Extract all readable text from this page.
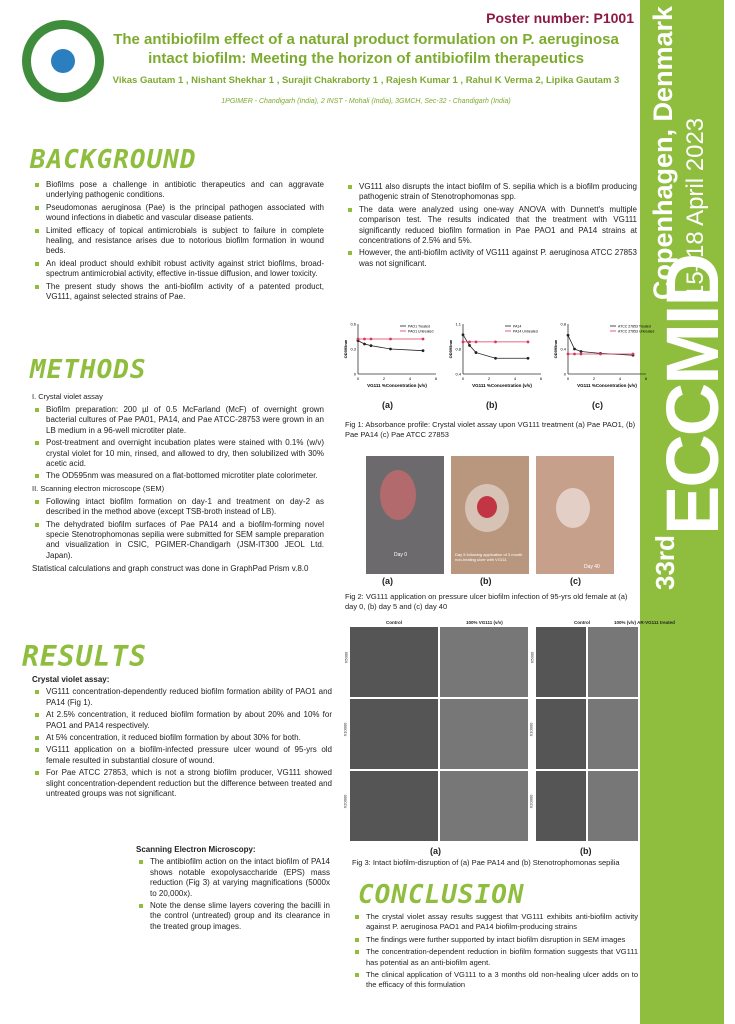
Copenhagen, Denmark 15–18 April 2023
33rd
ECCMID
Poster number: P1001
The antibiofilm effect of a natural product formulation on P. aeruginosa
intact biofilm: Meeting the horizon of antibiofilm therapeutics
Vikas Gautam 1 , Nishant Shekhar 1 , Surajit Chakraborty 1 , Rajesh Kumar 1 , Rahul K Verma 2, Lipika Gautam 3
1PGIMER - Chandigarh (India), 2 INST - Mohali (India), 3GMCH, Sec-32 - Chandigarh (India)
BACKGROUND
Biofilms pose a challenge in antibiotic therapeutics and can aggravate underlying pathogenic conditions.
Pseudomonas aeruginosa (Pae) is the principal pathogen associated with wound infections in diabetic and vascular disease patients.
Limited efficacy of topical antimicrobials is subject to failure in complete healing, and resistance arises due to notorious biofilm formation in wound beds.
An ideal product should exhibit robust activity against strict biofilms, broad-spectrum antimicrobial activity, effective in-tissue diffusion, and lower toxicity.
The present study shows the anti-biofilm activity of a patented product, VG111, against selected strains of Pae.
METHODS
I. Crystal violet assay
Biofilm preparation: 200 µl of 0.5 McFarland (McF) of overnight grown bacterial cultures of Pae PA01, PA14, and Pae ATCC-28753 were grown in an LB medium in a 96-well microtiter plate.
Post-treatment and overnight incubation plates were stained with 0.1% (w/v) crystal violet for 10 min, rinsed, and allowed to dry, then solubilized with 30% acetic acid.
The OD595nm was measured on a flat-bottomed microtiter plate colorimeter.
II. Scanning electron microscope (SEM)
Following intact biofilm formation on day-1 and treatment on day-2 as described in the method above (except TSB-broth instead of LB).
The dehydrated biofilm surfaces of Pae PA14 and a biofilm-forming novel specie Stenotrophomonas sepilia were submitted for SEM sample preparation and visualization in CSIC, PGIMER-Chandigarh (JSM-IT300 JEOL Ltd. Japan).
Statistical calculations and graph construct was done in GraphPad Prism v.8.0
RESULTS
Crystal violet assay:
VG111 concentration-dependently reduced biofilm formation ability of PAO1 and PA14 (Fig 1).
At 2.5% concentration, it reduced biofilm formation by about 20% and 10% for PAO1 and PA14 respectively.
At 5% concentration, it reduced biofilm formation by about 30% for both.
VG111 application on a biofilm-infected pressure ulcer wound of 95-yrs old female resulted in substantial closure of wound.
For Pae ATCC 27853, which is not a strong biofilm producer, VG111 showed slight concentration-dependent reduction but the difference between treated and untreated groups was not significant.
Scanning Electron Microscopy:
The antibiofilm action on the intact biofilm of PA14 shows notable exopolysaccharide (EPS) mass reduction (Fig 3) at varying magnifications (5000x to 20,000x).
Note the dense slime layers covering the bacilli in the control (untreated) group and its clearance in the treated group images.
VG111 also disrupts the intact biofilm of S. sepilia which is a biofilm producing pathogenic strain of Stenotrophomonas spp.
The data were analyzed using one-way ANOVA with Dunnett's multiple comparison test. The results indicated that the treatment with VG111 significantly reduced biofilm formation in Pae PAO1 and PA14 strains at concentrations of 2.5% and 5%.
However, the anti-biofilm activity of VG111 against P. aeruginosa ATCC 27853 was not significant.
0
0.3
0.6
0	2	4	6
PAO1 Treated
PAO1 Untreated
VG111 %Concentration (v/v)
OD595nm
0.4
0.8
1.1
0	2	4	6
PA14
PA14 Untreated
VG111 %Concentration (v/v)
OD595nm
0
0.4
0.8
0	2	4	6
ATCC 27853 Treated
ATCC 27853 Untreated
VG111 %Concentration (v/v)
OD595nm
(a)	(b)	(c)
Fig 1: Absorbance profile: Crystal violet assay upon VG111 treatment (a) Pae PAO1, (b) Pae PA14 (c) Pae ATCC 27853
Day 0	Day 5 following application of 3 month non-healing ulcer with VG111
Day 40
(a)	(b)	(c)
Fig 2: VG111 application on pressure ulcer biofilm infection of 95-yrs old female at (a) day 0, (b) day 5 and (c) day 40
Control	100% VG111 (v/v)
X5000
X10000
X20000
Control	100% (v/v) AR-VG111 treated
X5000
X10000
X20000
(a)	(b)
Fig 3: Intact biofilm-disruption of (a) Pae PA14 and (b) Stenotrophomonas sepilia
CONCLUSION
The crystal violet assay results suggest that VG111 exhibits anti-biofilm activity against P. aeruginosa PAO1 and PA14 biofilm-producing strains
The findings were further supported by intact biofilm disruption in SEM images
The concentration-dependent reduction in biofilm formation suggests that VG111 has potential as an anti-biofilm agent.
The clinical application of VG111 to a 3 months old non-healing ulcer adds on to the efficacy of this formulation
